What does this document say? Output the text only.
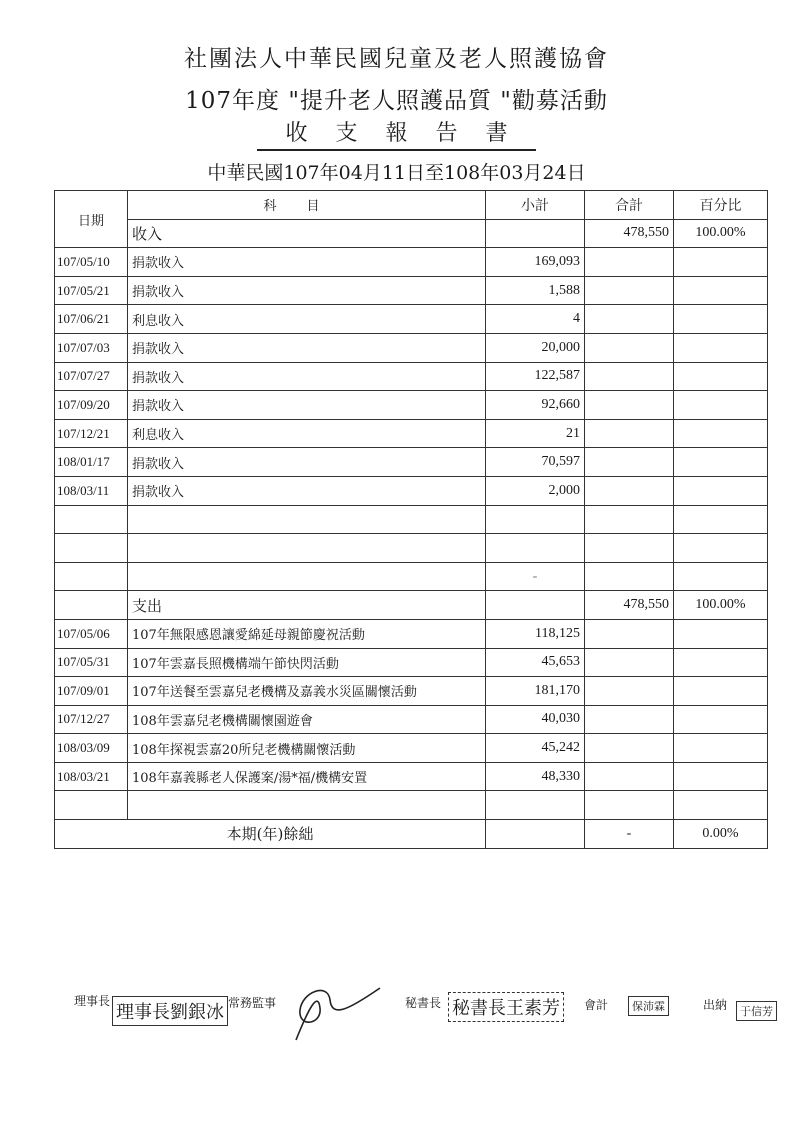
社團法人中華民國兒童及老人照護協會
107年度 "提升老人照護品質 "勸募活動
收支報告書
中華民國107年04月11日至108年03月24日
日期	科目	小計	合計	百分比
	收入		478,550	100.00%
107/05/10	捐款收入	169,093		
107/05/21	捐款收入	1,588		
107/06/21	利息收入	4		
107/07/03	捐款收入	20,000		
107/07/27	捐款收入	122,587		
107/09/20	捐款收入	92,660		
107/12/21	利息收入	21		
108/01/17	捐款收入	70,597		
108/03/11	捐款收入	2,000		

		-		
	支出		478,550	100.00%
107/05/06	107年無限感恩讓愛綿延母親節慶祝活動	118,125		
107/05/31	107年雲嘉長照機構端午節快閃活動	45,653		
107/09/01	107年送餐至雲嘉兒老機構及嘉義水災區關懷活動	181,170		
107/12/27	108年雲嘉兒老機構關懷園遊會	40,030		
108/03/09	108年探視雲嘉20所兒老機構關懷活動	45,242		
108/03/21	108年嘉義縣老人保護案/湯*福/機構安置	48,330		

本期(年)餘絀			-	0.00%
理事長
理事長劉銀冰 常務監事	秘書長 秘書長王素芳	會計	保沛霖	出納	于信芳
